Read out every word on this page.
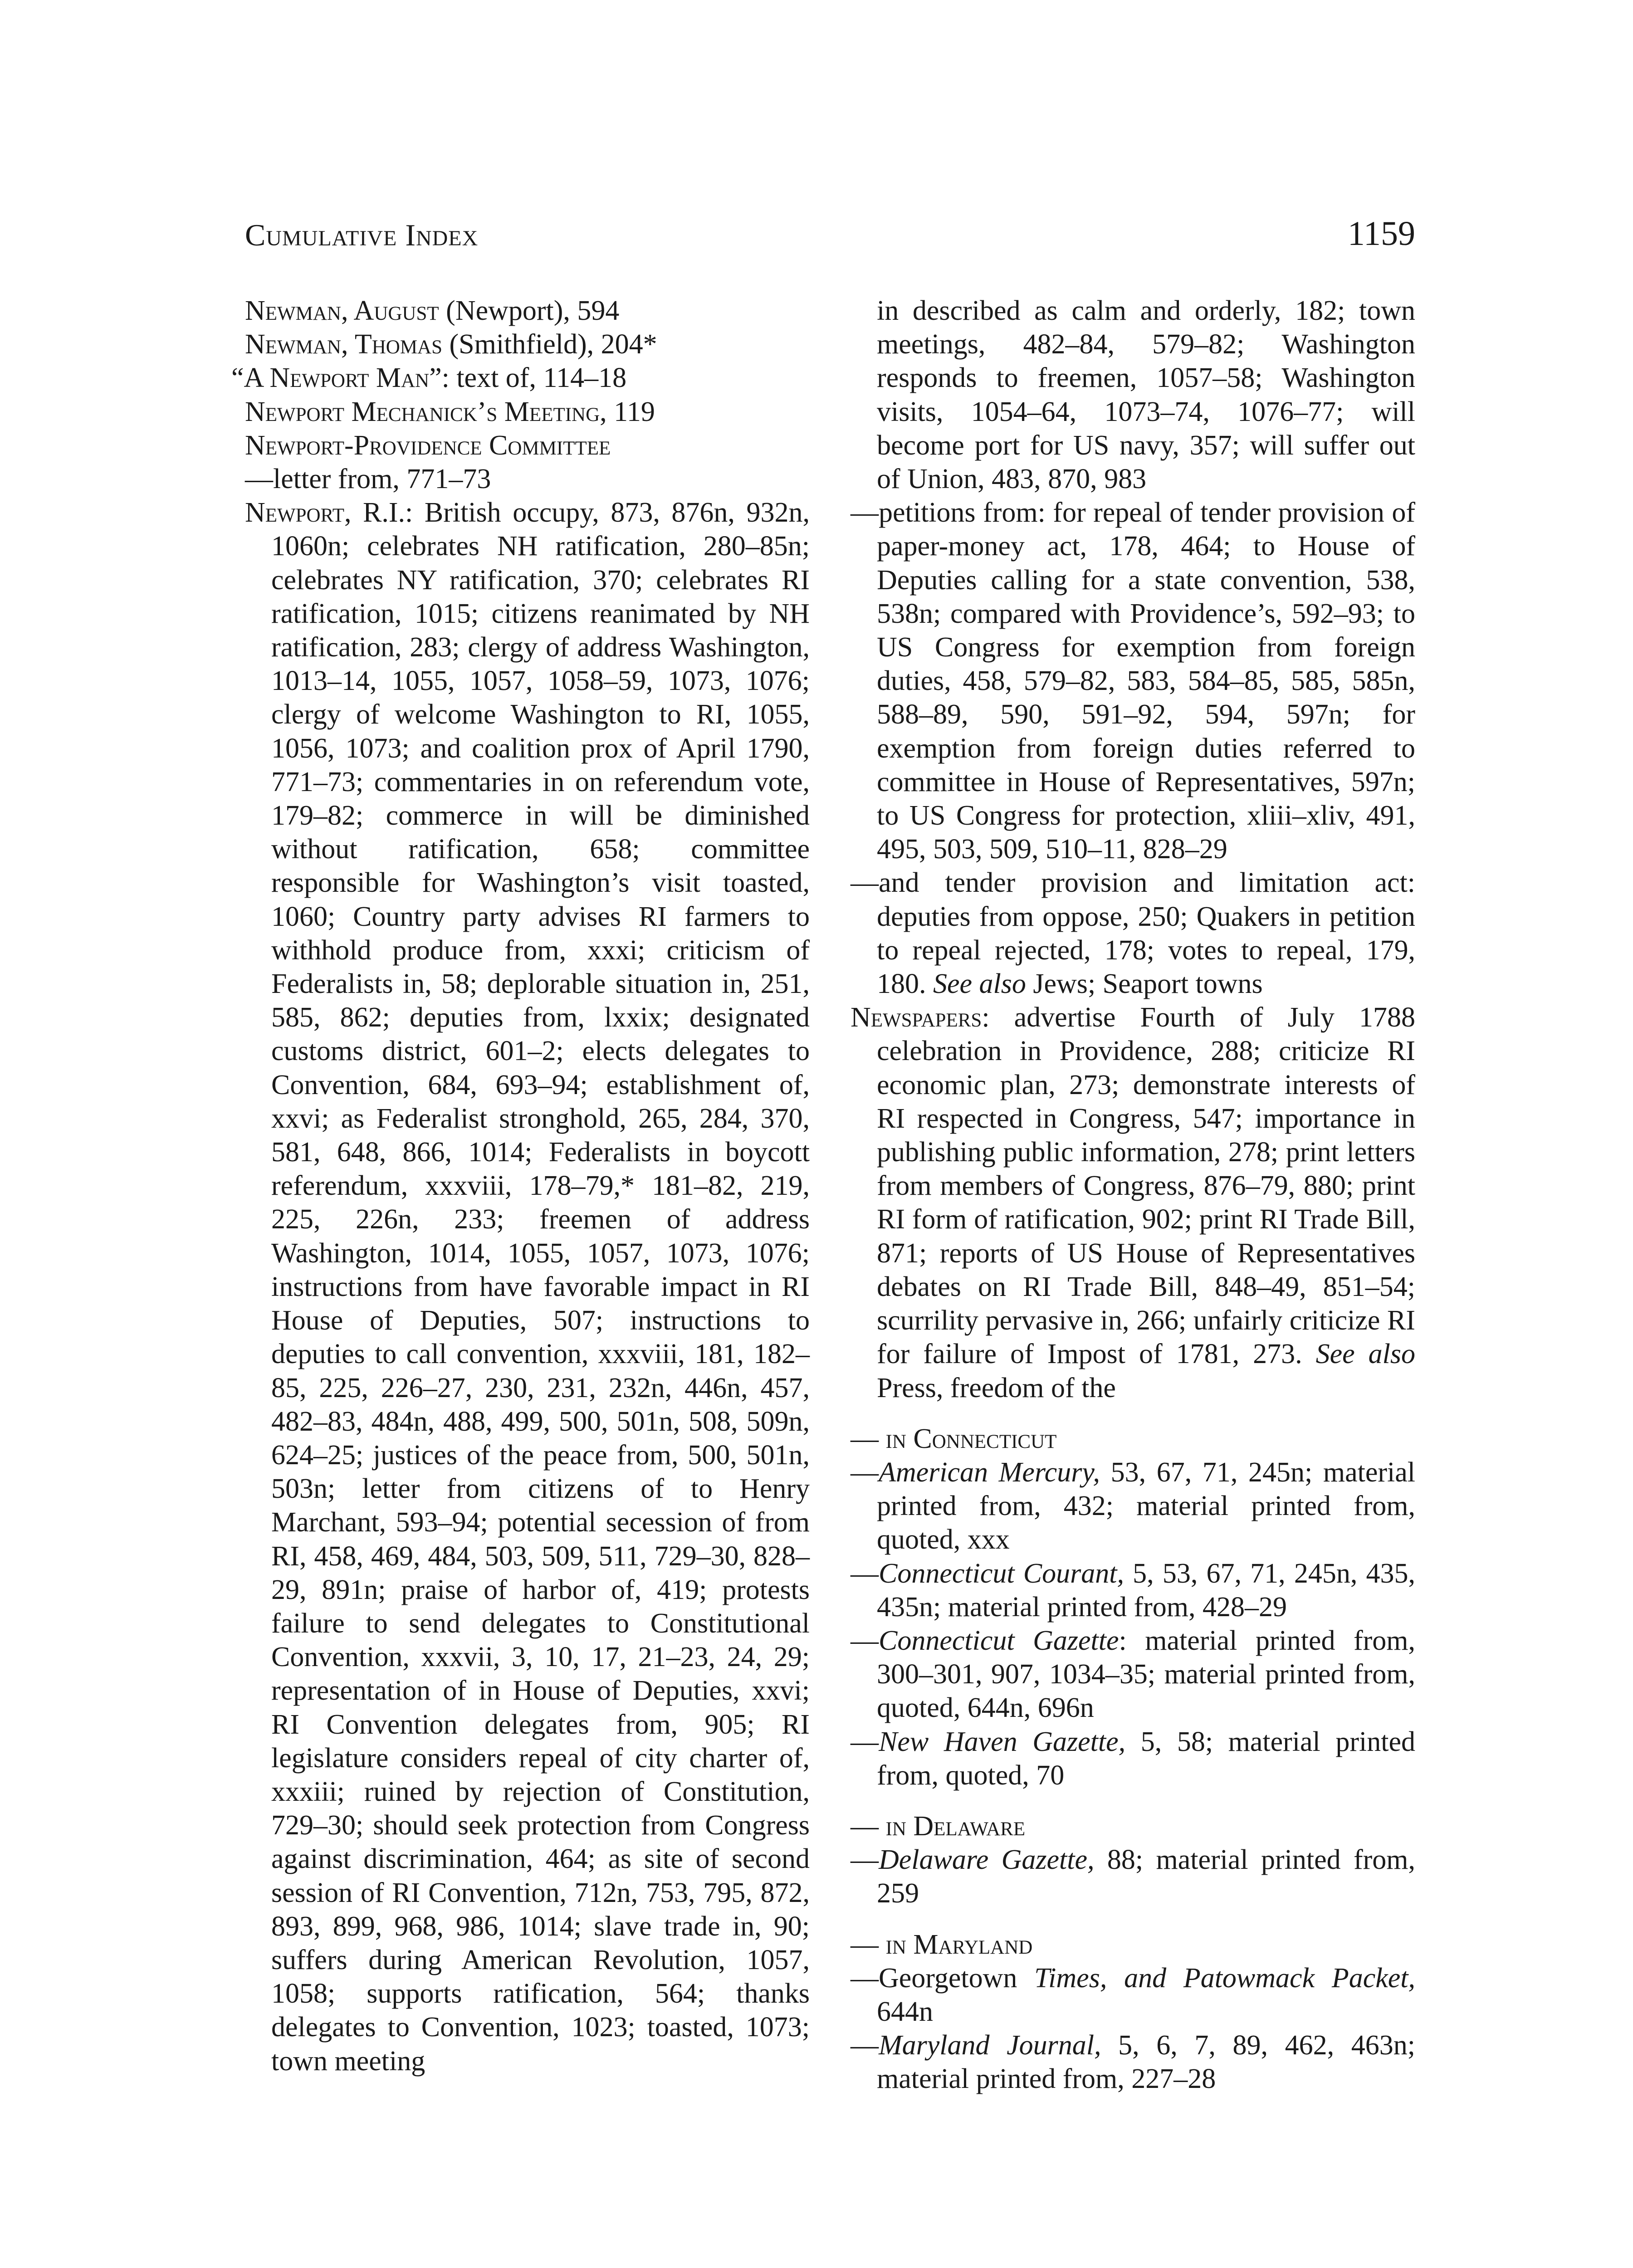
Cumulative Index	1159
Newman, August (Newport), 594
Newman, Thomas (Smithfield), 204*
“A Newport Man”: text of, 114–18
Newport Mechanick’s Meeting, 119
Newport-Providence Committee
—letter from, 771–73
Newport, R.I.: British occupy, 873, 876n, 932n, 1060n; celebrates NH ratification, 280–85n; celebrates NY ratification, 370; celebrates RI ratification, 1015; citizens reanimated by NH ratification, 283; clergy of address Washington, 1013–14, 1055, 1057, 1058–59, 1073, 1076; clergy of welcome Washington to RI, 1055, 1056, 1073; and coalition prox of April 1790, 771–73; commentaries in on referendum vote, 179–82; commerce in will be diminished without ratification, 658; committee responsible for Washington’s visit toasted, 1060; Country party advises RI farmers to withhold produce from, xxxi; criticism of Federalists in, 58; deplorable situation in, 251, 585, 862; deputies from, lxxix; designated customs district, 601–2; elects delegates to Convention, 684, 693–94; establishment of, xxvi; as Federalist stronghold, 265, 284, 370, 581, 648, 866, 1014; Federalists in boycott referendum, xxxviii, 178–79,* 181–82, 219, 225, 226n, 233; freemen of address Washington, 1014, 1055, 1057, 1073, 1076; instructions from have favorable impact in RI House of Deputies, 507; instructions to deputies to call convention, xxxviii, 181, 182–85, 225, 226–27, 230, 231, 232n, 446n, 457, 482–83, 484n, 488, 499, 500, 501n, 508, 509n, 624–25; justices of the peace from, 500, 501n, 503n; letter from citizens of to Henry Marchant, 593–94; potential secession of from RI, 458, 469, 484, 503, 509, 511, 729–30, 828–29, 891n; praise of harbor of, 419; protests failure to send delegates to Constitutional Convention, xxxvii, 3, 10, 17, 21–23, 24, 29; representation of in House of Deputies, xxvi; RI Convention delegates from, 905; RI legislature considers repeal of city charter of, xxxiii; ruined by rejection of Constitution, 729–30; should seek protection from Congress against discrimination, 464; as site of second session of RI Convention, 712n, 753, 795, 872, 893, 899, 968, 986, 1014; slave trade in, 90; suffers during American Revolution, 1057, 1058; supports ratification, 564; thanks delegates to Convention, 1023; toasted, 1073; town meeting
in described as calm and orderly, 182; town meetings, 482–84, 579–82; Washington responds to freemen, 1057–58; Washington visits, 1054–64, 1073–74, 1076–77; will become port for US navy, 357; will suffer out of Union, 483, 870, 983
—petitions from: for repeal of tender provision of paper-money act, 178, 464; to House of Deputies calling for a state convention, 538, 538n; compared with Providence’s, 592–93; to US Congress for exemption from foreign duties, 458, 579–82, 583, 584–85, 585, 585n, 588–89, 590, 591–92, 594, 597n; for exemption from foreign duties referred to committee in House of Representatives, 597n; to US Congress for protection, xliii–xliv, 491, 495, 503, 509, 510–11, 828–29
—and tender provision and limitation act: deputies from oppose, 250; Quakers in petition to repeal rejected, 178; votes to repeal, 179, 180. See also Jews; Seaport towns
Newspapers: advertise Fourth of July 1788 celebration in Providence, 288; criticize RI economic plan, 273; demonstrate interests of RI respected in Congress, 547; importance in publishing public information, 278; print letters from members of Congress, 876–79, 880; print RI form of ratification, 902; print RI Trade Bill, 871; reports of US House of Representatives debates on RI Trade Bill, 848–49, 851–54; scurrility pervasive in, 266; unfairly criticize RI for failure of Impost of 1781, 273. See also Press, freedom of the
— in Connecticut
—American Mercury, 53, 67, 71, 245n; material printed from, 432; material printed from, quoted, xxx
—Connecticut Courant, 5, 53, 67, 71, 245n, 435, 435n; material printed from, 428–29
—Connecticut Gazette: material printed from, 300–301, 907, 1034–35; material printed from, quoted, 644n, 696n
—New Haven Gazette, 5, 58; material printed from, quoted, 70
— in Delaware
—Delaware Gazette, 88; material printed from, 259
— in Maryland
—Georgetown Times, and Patowmack Packet, 644n
—Maryland Journal, 5, 6, 7, 89, 462, 463n; material printed from, 227–28
